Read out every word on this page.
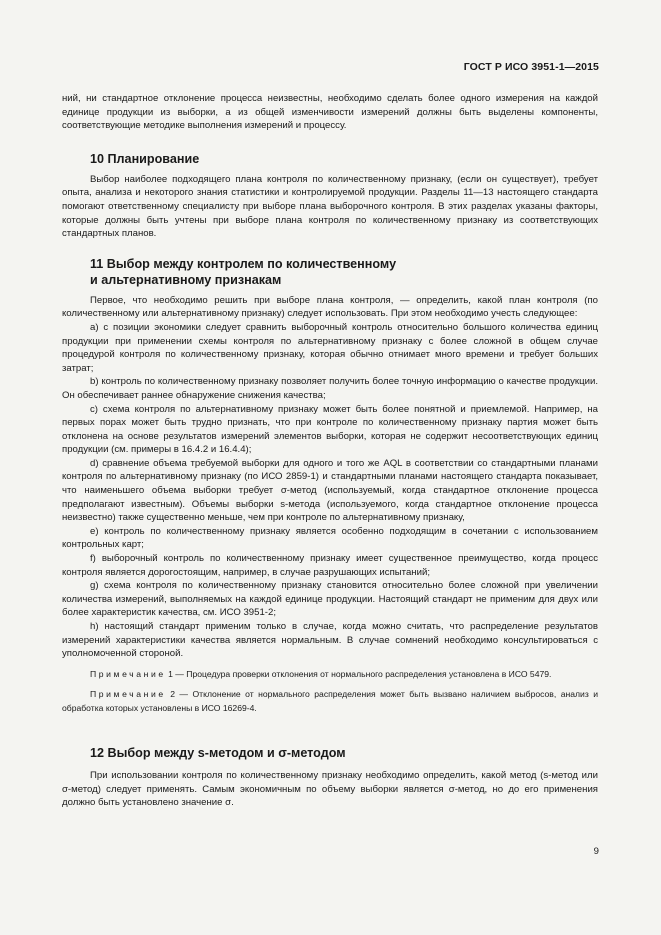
ГОСТ Р ИСО 3951-1—2015

ний, ни стандартное отклонение процесса неизвестны, необходимо сделать более одного измерения на каждой единице продукции из выборки, а из общей изменчивости измерений должны быть выделены компоненты, соответствующие методике выполнения измерений и процессу.

10 Планирование

Выбор наиболее подходящего плана контроля по количественному признаку, (если он существует), требует опыта, анализа и некоторого знания статистики и контролируемой продукции. Разделы 11—13 настоящего стандарта помогают ответственному специалисту при выборе плана выборочного контроля. В этих разделах указаны факторы, которые должны быть учтены при выборе плана контроля по количественному признаку из соответствующих стандартных планов.

11 Выбор между контролем по количественному
и альтернативному признакам

Первое, что необходимо решить при выборе плана контроля, — определить, какой план контроля (по количественному или альтернативному признаку) следует использовать. При этом необходимо учесть следующее:

a) с позиции экономики следует сравнить выборочный контроль относительно большого количества единиц продукции при применении схемы контроля по альтернативному признаку с более сложной в общем случае процедурой контроля по количественному признаку, которая обычно отнимает много времени и требует больших затрат;

b) контроль по количественному признаку позволяет получить более точную информацию о качестве продукции. Он обеспечивает раннее обнаружение снижения качества;

c) схема контроля по альтернативному признаку может быть более понятной и приемлемой. Например, на первых порах может быть трудно признать, что при контроле по количественному признаку партия может быть отклонена на основе результатов измерений элементов выборки, которая не содержит несоответствующих единиц продукции (см. примеры в 16.4.2 и 16.4.4);

d) сравнение объема требуемой выборки для одного и того же AQL в соответствии со стандартными планами контроля по альтернативному признаку (по ИСО 2859-1) и стандартными планами настоящего стандарта показывает, что наименьшего объема выборки требует σ-метод (используемый, когда стандартное отклонение процесса предполагают известным). Объемы выборки s-метода (используемого, когда стандартное отклонение процесса неизвестно) также существенно меньше, чем при контроле по альтернативному признаку,

e) контроль по количественному признаку является особенно подходящим в сочетании с использованием контрольных карт;

f) выборочный контроль по количественному признаку имеет существенное преимущество, когда процесс контроля является дорогостоящим, например, в случае разрушающих испытаний;

g) схема контроля по количественному признаку становится относительно более сложной при увеличении количества измерений, выполняемых на каждой единице продукции. Настоящий стандарт не применим для двух или более характеристик качества, см. ИСО 3951-2;

h) настоящий стандарт применим только в случае, когда можно считать, что распределение результатов измерений характеристики качества является нормальным. В случае сомнений необходимо консультироваться с уполномоченной стороной.

Примечание 1 — Процедура проверки отклонения от нормального распределения установлена в ИСО 5479.

Примечание 2 — Отклонение от нормального распределения может быть вызвано наличием выбросов, анализ и обработка которых установлены в ИСО 16269-4.

12 Выбор между s-методом и σ-методом

При использовании контроля по количественному признаку необходимо определить, какой метод (s-метод или σ-метод) следует применять. Самым экономичным по объему выборки является σ-метод, но до его применения должно быть установлено значение σ.

9
